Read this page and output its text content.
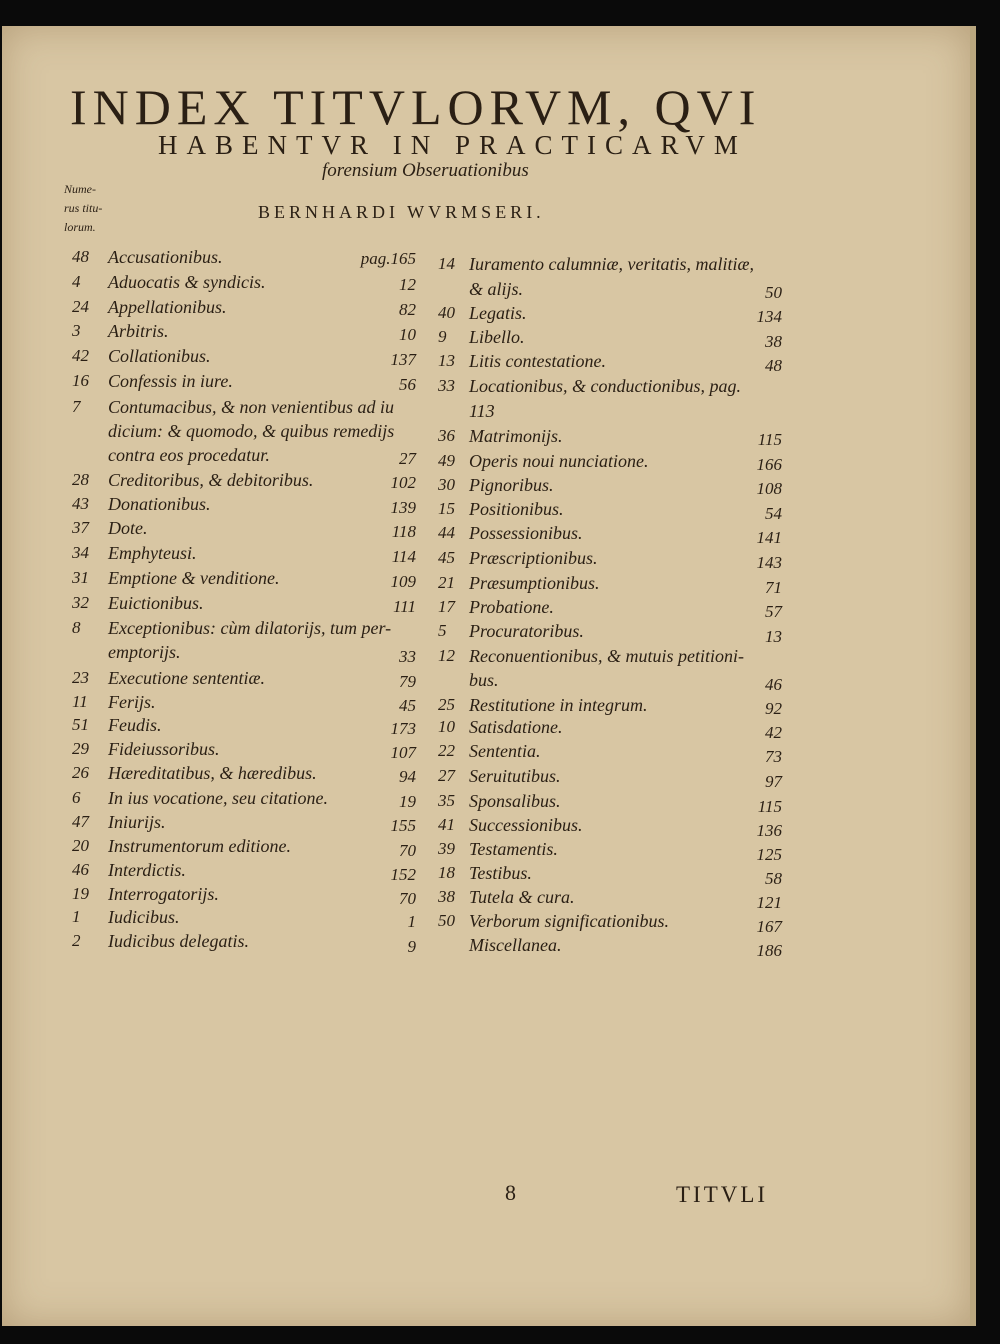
INDEX TITVLORVM, QVI
HABENTVR IN PRACTICARVM
forensium Obseruationibus
BERNHARDI WVRMSERI.
Nume-
rus titu-
lorum.
48 Accusationibus.	pag.165
4 Aduocatis & syndicis.	12
24 Appellationibus.	82
3 Arbitris.	10
42 Collationibus.	137
16 Confessis in iure.	56
7 Contumacibus, & non venientibus ad iu
dicium: & quomodo, & quibus remedijs
contra eos procedatur.	27
28 Creditoribus, & debitoribus.	102
43 Donationibus.	139
37 Dote.	118
34 Emphyteusi.	114
31 Emptione & venditione.	109
32 Euictionibus.	111
8 Exceptionibus: cùm dilatorijs, tum per-
emptorijs.	33
23 Executione sententiæ.	79
11 Ferijs.	45
51 Feudis.	173
29 Fideiussoribus.	107
26 Hæreditatibus, & hæredibus.	94
6 In ius vocatione, seu citatione.	19
47 Iniurijs.	155
20 Instrumentorum editione.	70
46 Interdictis.	152
19 Interrogatorijs.	70
1 Iudicibus.	1
2 Iudicibus delegatis.	9
14 Iuramento calumniæ, veritatis, malitiæ,
& alijs.	50
40 Legatis.	134
9 Libello.	38
13 Litis contestatione.	48
33 Locationibus, & conductionibus, pag.
113
36 Matrimonijs.	115
49 Operis noui nunciatione.	166
30 Pignoribus.	108
15 Positionibus.	54
44 Possessionibus.	141
45 Præscriptionibus.	143
21 Præsumptionibus.	71
17 Probatione.	57
5 Procuratoribus.	13
12 Reconuentionibus, & mutuis petitioni-
bus.	46
25 Restitutione in integrum.	92
10 Satisdatione.	42
22 Sententia.	73
27 Seruitutibus.	97
35 Sponsalibus.	115
41 Successionibus.	136
39 Testamentis.	125
18 Testibus.	58
38 Tutela & cura.	121
50 Verborum significationibus.	167
Miscellanea.	186
8	TITVLI
